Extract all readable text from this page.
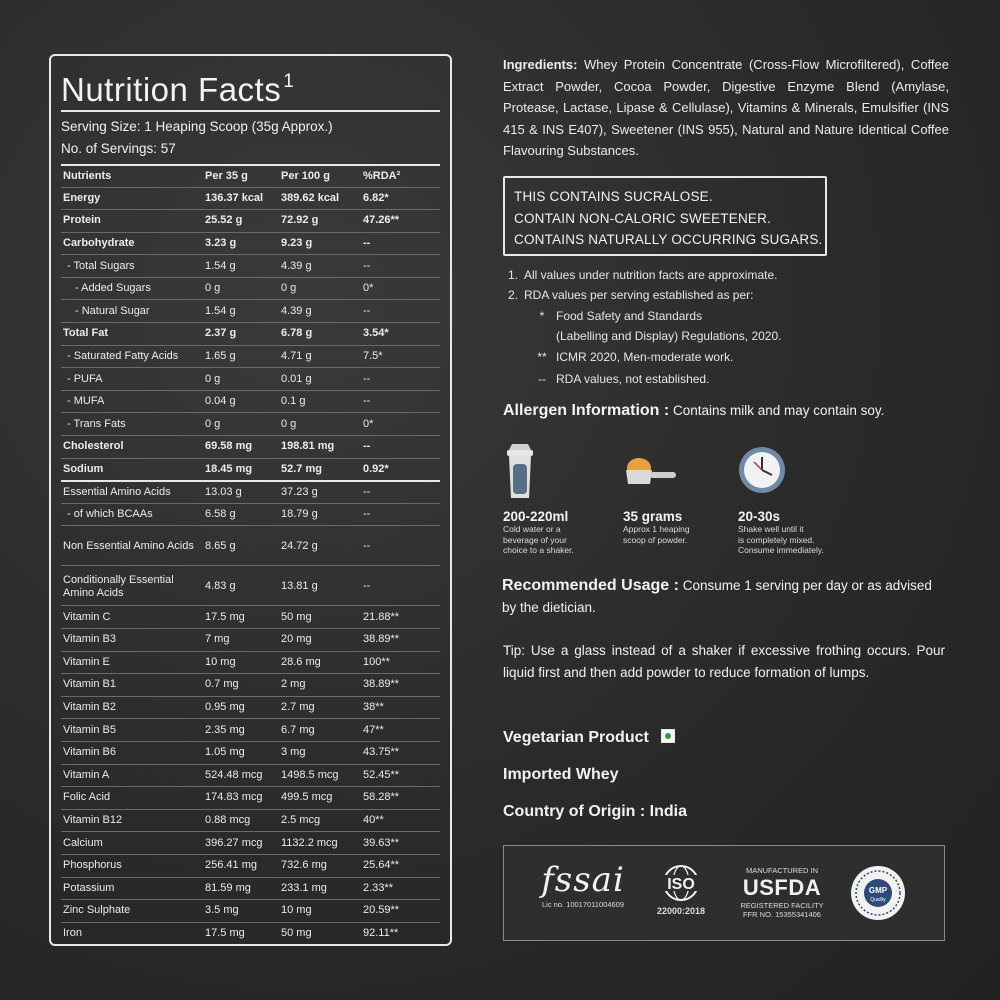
Nutrition Facts $^1$
Serving Size: 1 Heaping Scoop (35g Approx.)
No. of Servings: 57
Nutrients	Per 35 g	Per 100 g	%RDA²
Energy	136.37 kcal	389.62 kcal	6.82*
Protein	25.52 g	72.92 g	47.26**
Carbohydrate	3.23 g	9.23 g	--
- Total Sugars	1.54 g	4.39 g	--
- Added Sugars	0 g	0 g	0*
- Natural Sugar	1.54 g	4.39 g	--
Total Fat	2.37 g	6.78 g	3.54*
- Saturated Fatty Acids	1.65 g	4.71 g	7.5*
- PUFA	0 g	0.01 g	--
- MUFA	0.04 g	0.1 g	--
- Trans Fats	0 g	0 g	0*
Cholesterol	69.58 mg	198.81 mg	--
Sodium	18.45 mg	52.7 mg	0.92*
Essential Amino Acids	13.03 g	37.23 g	--
- of which BCAAs	6.58 g	18.79 g	--
Non Essential Amino Acids	8.65 g	24.72 g	--
Conditionally Essential Amino Acids	4.83 g	13.81 g	--
Vitamin C	17.5 mg	50 mg	21.88**
Vitamin B3	7 mg	20 mg	38.89**
Vitamin E	10 mg	28.6 mg	100**
Vitamin B1	0.7 mg	2 mg	38.89**
Vitamin B2	0.95 mg	2.7 mg	38**
Vitamin B5	2.35 mg	6.7 mg	47**
Vitamin B6	1.05 mg	3 mg	43.75**
Vitamin A	524.48 mcg	1498.5 mcg	52.45**
Folic Acid	174.83 mcg	499.5 mcg	58.28**
Vitamin B12	0.88 mcg	2.5 mcg	40**
Calcium	396.27 mcg	1132.2 mcg	39.63**
Phosphorus	256.41 mg	732.6 mg	25.64**
Potassium	81.59 mg	233.1 mg	2.33**
Zinc Sulphate	3.5 mg	10 mg	20.59**
Iron	17.5 mg	50 mg	92.11**

Ingredients: Whey Protein Concentrate (Cross-Flow Microfiltered), Coffee Extract Powder, Cocoa Powder, Digestive Enzyme Blend (Amylase, Protease, Lactase, Lipase & Cellulase), Vitamins & Minerals, Emulsifier (INS 415 & INS E407), Sweetener (INS 955), Natural and Nature Identical Coffee Flavouring Substances.

THIS CONTAINS SUCRALOSE.
CONTAIN NON-CALORIC SWEETENER.
CONTAINS NATURALLY OCCURRING SUGARS.
1. All values under nutrition facts are approximate.
2. RDA values per serving established as per:
* Food Safety and Standards
(Labelling and Display) Regulations, 2020.
** ICMR 2020, Men-moderate work.
-- RDA values, not established.
Allergen Information : Contains milk and may contain soy.
200-220ml
Cold water or a
beverage of your
choice to a shaker.
35 grams
Approx 1 heaping
scoop of powder.
20-30s
Shake well until it
is completely mixed.
Consume immediately.
Recommended Usage : Consume 1 serving per day or as advised by the dietician.
Tip: Use a glass instead of a shaker if excessive frothing occurs. Pour liquid first and then add powder to reduce formation of lumps.
Vegetarian Product
Imported Whey
Country of Origin : India
fssai
Lic no. 10017011004609
ISO
22000:2018
MANUFACTURED IN
USFDA
REGISTERED FACILITY
FFR NO. 15355341406
GMP
Quality
